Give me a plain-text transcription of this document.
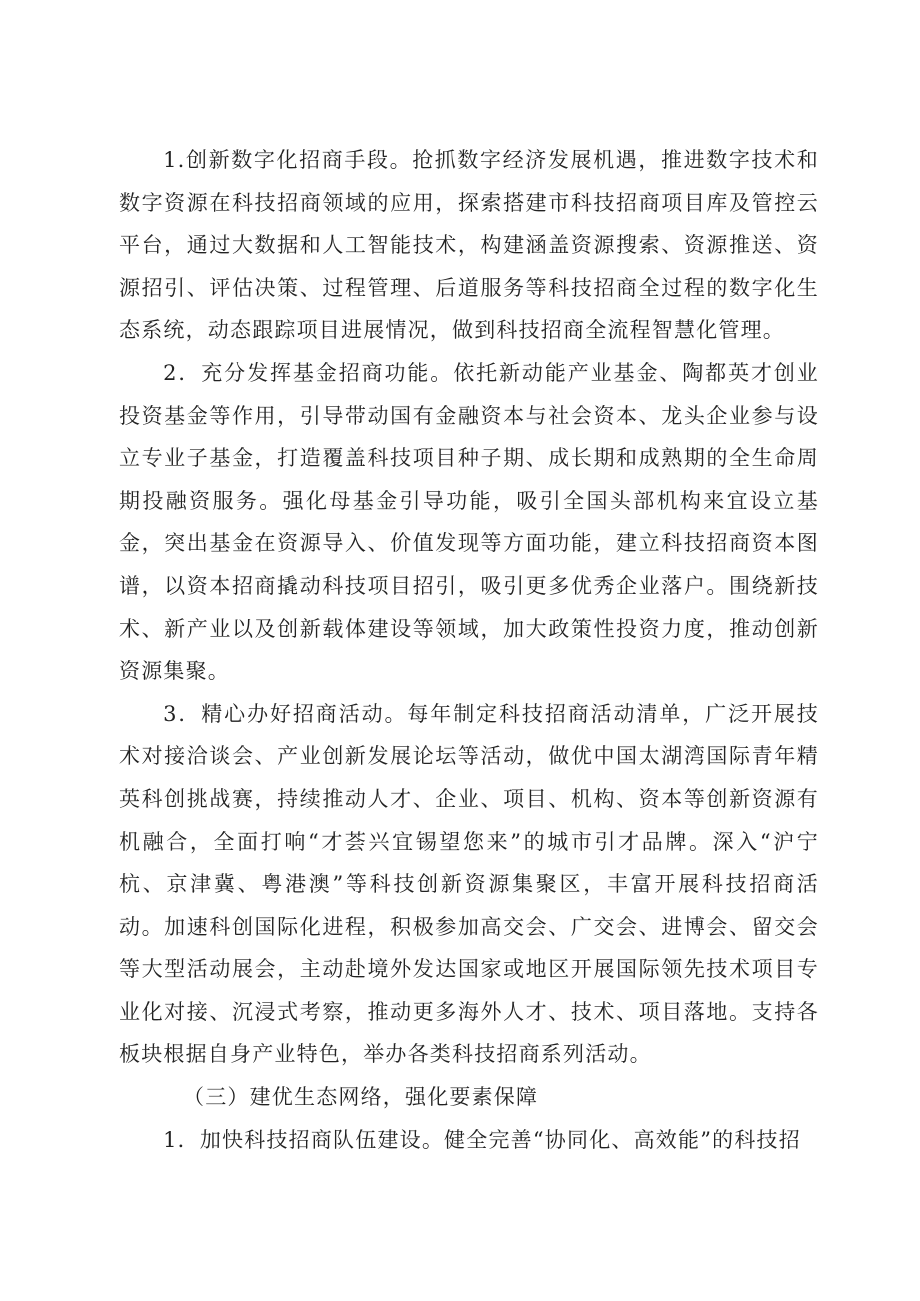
1.创新数字化招商手段。抢抓数字经济发展机遇，推进数字技术和数字资源在科技招商领域的应用，探索搭建市科技招商项目库及管控云平台，通过大数据和人工智能技术，构建涵盖资源搜索、资源推送、资源招引、评估决策、过程管理、后道服务等科技招商全过程的数字化生态系统，动态跟踪项目进展情况，做到科技招商全流程智慧化管理。

2．充分发挥基金招商功能。依托新动能产业基金、陶都英才创业投资基金等作用，引导带动国有金融资本与社会资本、龙头企业参与设立专业子基金，打造覆盖科技项目种子期、成长期和成熟期的全生命周期投融资服务。强化母基金引导功能，吸引全国头部机构来宜设立基金，突出基金在资源导入、价值发现等方面功能，建立科技招商资本图谱，以资本招商撬动科技项目招引，吸引更多优秀企业落户。围绕新技术、新产业以及创新载体建设等领域，加大政策性投资力度，推动创新资源集聚。

3．精心办好招商活动。每年制定科技招商活动清单，广泛开展技术对接洽谈会、产业创新发展论坛等活动，做优中国太湖湾国际青年精英科创挑战赛，持续推动人才、企业、项目、机构、资本等创新资源有机融合，全面打响“才荟兴宜锡望您来”的城市引才品牌。深入“沪宁杭、京津冀、粤港澳”等科技创新资源集聚区，丰富开展科技招商活动。加速科创国际化进程，积极参加高交会、广交会、进博会、留交会等大型活动展会，主动赴境外发达国家或地区开展国际领先技术项目专业化对接、沉浸式考察，推动更多海外人才、技术、项目落地。支持各板块根据自身产业特色，举办各类科技招商系列活动。

（三）建优生态网络，强化要素保障

1．加快科技招商队伍建设。健全完善“协同化、高效能”的科技招
